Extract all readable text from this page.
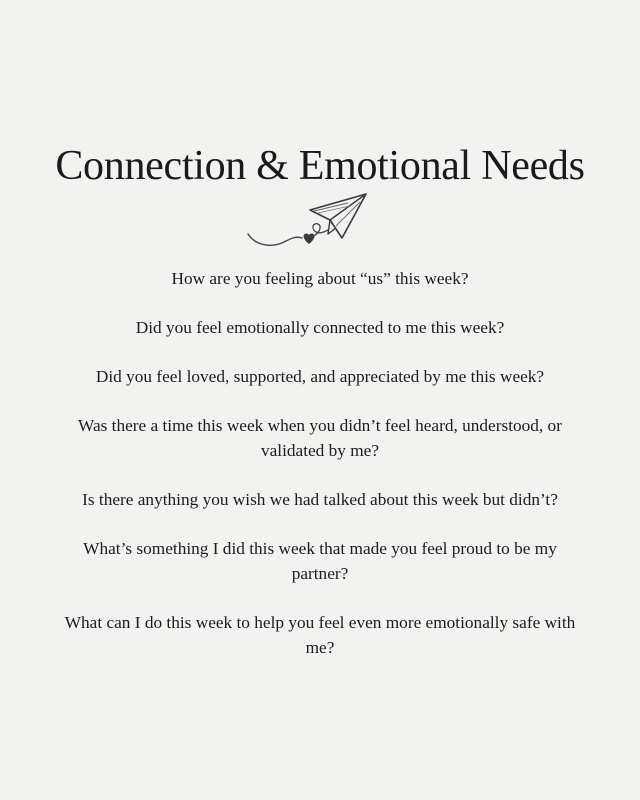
Connection & Emotional Needs
How are you feeling about “us” this week?
Did you feel emotionally connected to me this week?
Did you feel loved, supported, and appreciated by me this week?
Was there a time this week when you didn’t feel heard, understood, or validated by me?
Is there anything you wish we had talked about this week but didn’t?
What’s something I did this week that made you feel proud to be my partner?
What can I do this week to help you feel even more emotionally safe with me?
